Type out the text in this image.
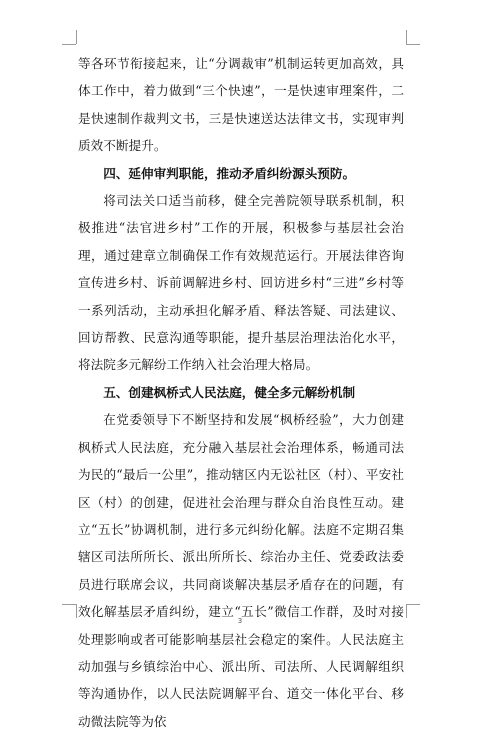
等各环节衔接起来，让“分调裁审”机制运转更加高效，具体工作中，着力做到“三个快速”，一是快速审理案件，二是快速制作裁判文书，三是快速送达法律文书，实现审判质效不断提升。

四、延伸审判职能，推动矛盾纠纷源头预防。

将司法关口适当前移，健全完善院领导联系机制，积极推进“法官进乡村”工作的开展，积极参与基层社会治理，通过建章立制确保工作有效规范运行。开展法律咨询宣传进乡村、诉前调解进乡村、回访进乡村“三进”乡村等一系列活动，主动承担化解矛盾、释法答疑、司法建议、回访帮教、民意沟通等职能，提升基层治理法治化水平，将法院多元解纷工作纳入社会治理大格局。

五、创建枫桥式人民法庭，健全多元解纷机制

在党委领导下不断坚持和发展“枫桥经验”，大力创建枫桥式人民法庭，充分融入基层社会治理体系，畅通司法为民的“最后一公里”，推动辖区内无讼社区（村）、平安社区（村）的创建，促进社会治理与群众自治良性互动。建立“五长”协调机制，进行多元纠纷化解。法庭不定期召集辖区司法所所长、派出所所长、综治办主任、党委政法委员进行联席会议，共同商谈解决基层矛盾存在的问题，有效化解基层矛盾纠纷，建立“五长”微信工作群，及时对接处理影响或者可能影响基层社会稳定的案件。人民法庭主动加强与乡镇综治中心、派出所、司法所、人民调解组织等沟通协作，以人民法院调解平台、道交一体化平台、移动微法院等为依

3
